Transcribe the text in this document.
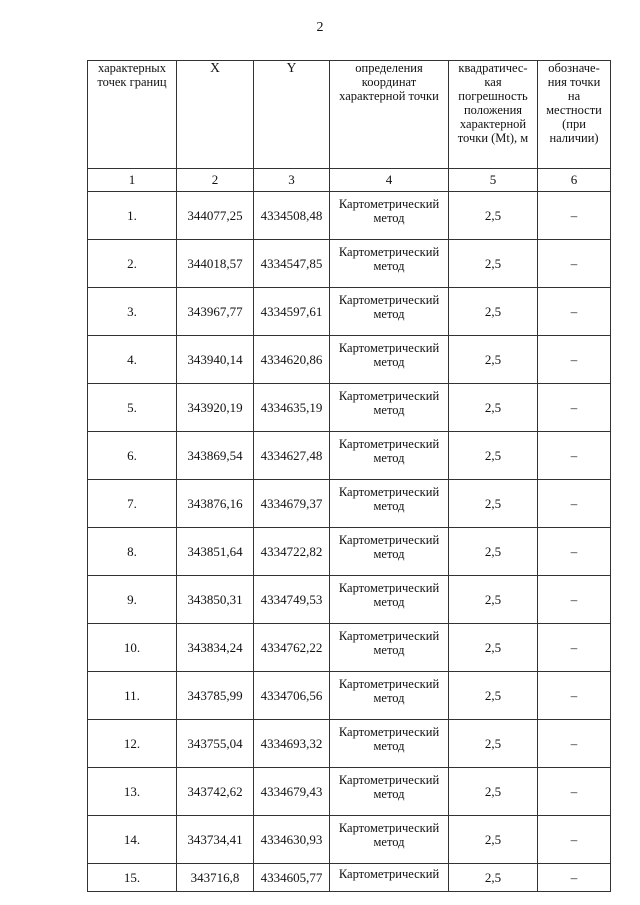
2
характерных точек границ	X	Y	определения координат характерной точки	квадратичес-кая погрешность положения характерной точки (Mt), м	обозначе-ния точки на местности (при наличии)
1	2	3	4	5	6
1.	344077,25	4334508,48	Картометрический метод	2,5	–
2.	344018,57	4334547,85	Картометрический метод	2,5	–
3.	343967,77	4334597,61	Картометрический метод	2,5	–
4.	343940,14	4334620,86	Картометрический метод	2,5	–
5.	343920,19	4334635,19	Картометрический метод	2,5	–
6.	343869,54	4334627,48	Картометрический метод	2,5	–
7.	343876,16	4334679,37	Картометрический метод	2,5	–
8.	343851,64	4334722,82	Картометрический метод	2,5	–
9.	343850,31	4334749,53	Картометрический метод	2,5	–
10.	343834,24	4334762,22	Картометрический метод	2,5	–
11.	343785,99	4334706,56	Картометрический метод	2,5	–
12.	343755,04	4334693,32	Картометрический метод	2,5	–
13.	343742,62	4334679,43	Картометрический метод	2,5	–
14.	343734,41	4334630,93	Картометрический метод	2,5	–
15.	343716,8	4334605,77	Картометрический	2,5	–
